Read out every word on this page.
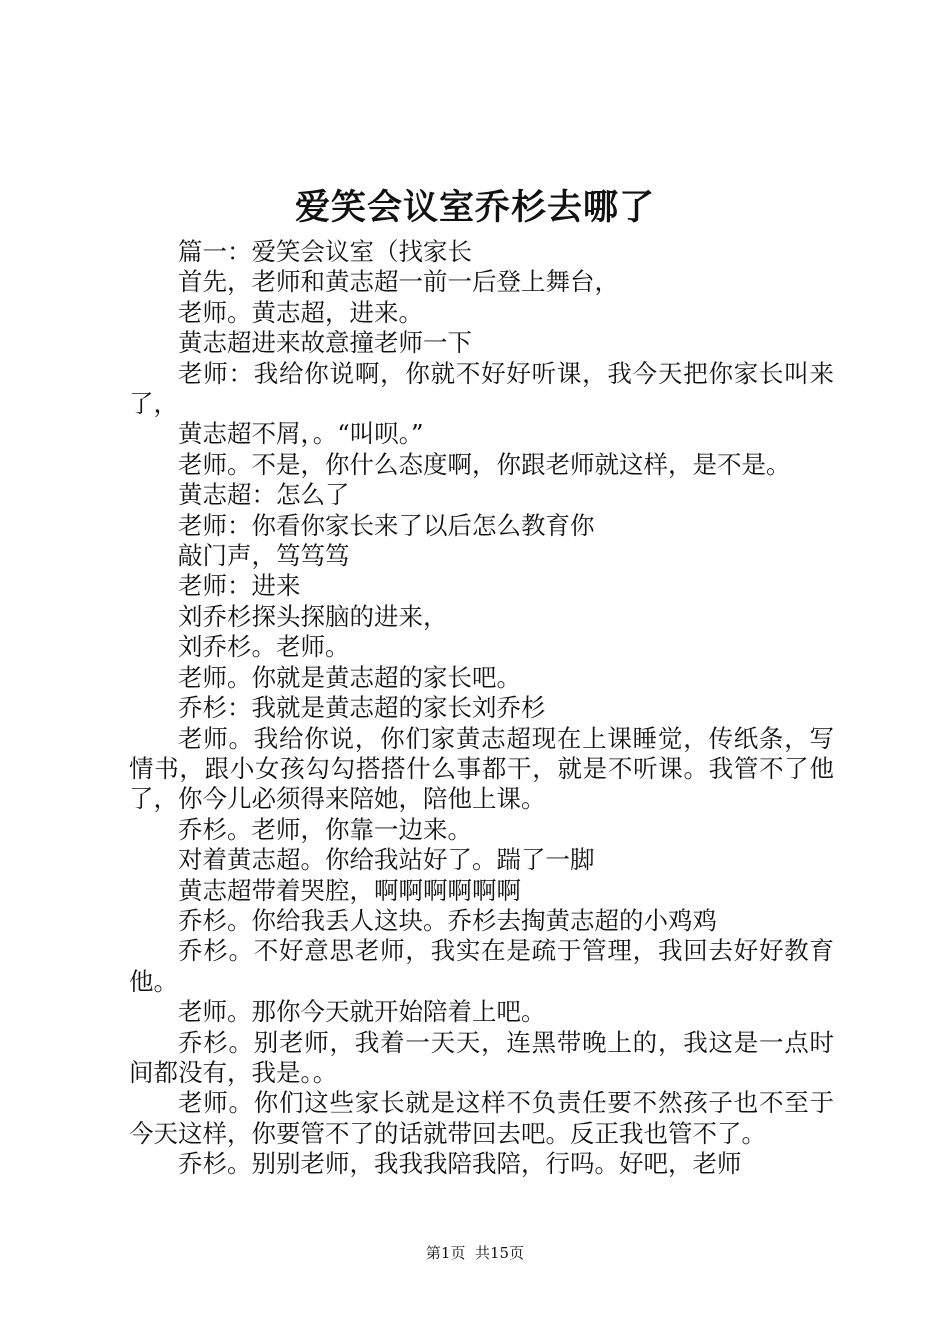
爱笑会议室乔杉去哪了

篇一：爱笑会议室（找家长

首先，老师和黄志超一前一后登上舞台，

老师。黄志超，进来。

黄志超进来故意撞老师一下

老师：我给你说啊，你就不好好听课，我今天把你家长叫来了，

黄志超不屑，。“叫呗。”

老师。不是，你什么态度啊，你跟老师就这样，是不是。

黄志超：怎么了

老师：你看你家长来了以后怎么教育你

敲门声，笃笃笃

老师：进来

刘乔杉探头探脑的进来，

刘乔杉。老师。

老师。你就是黄志超的家长吧。

乔杉：我就是黄志超的家长刘乔杉

老师。我给你说，你们家黄志超现在上课睡觉，传纸条，写情书，跟小女孩勾勾搭搭什么事都干，就是不听课。我管不了他了，你今儿必须得来陪她，陪他上课。

乔杉。老师，你靠一边来。

对着黄志超。你给我站好了。踹了一脚

黄志超带着哭腔，啊啊啊啊啊啊

乔杉。你给我丢人这块。乔杉去掏黄志超的小鸡鸡

乔杉。不好意思老师，我实在是疏于管理，我回去好好教育他。

老师。那你今天就开始陪着上吧。

乔杉。别老师，我着一天天，连黑带晚上的，我这是一点时间都没有，我是。。

老师。你们这些家长就是这样不负责任要不然孩子也不至于今天这样，你要管不了的话就带回去吧。反正我也管不了。

乔杉。别别老师，我我我陪我陪，行吗。好吧，老师

第1页 共15页
